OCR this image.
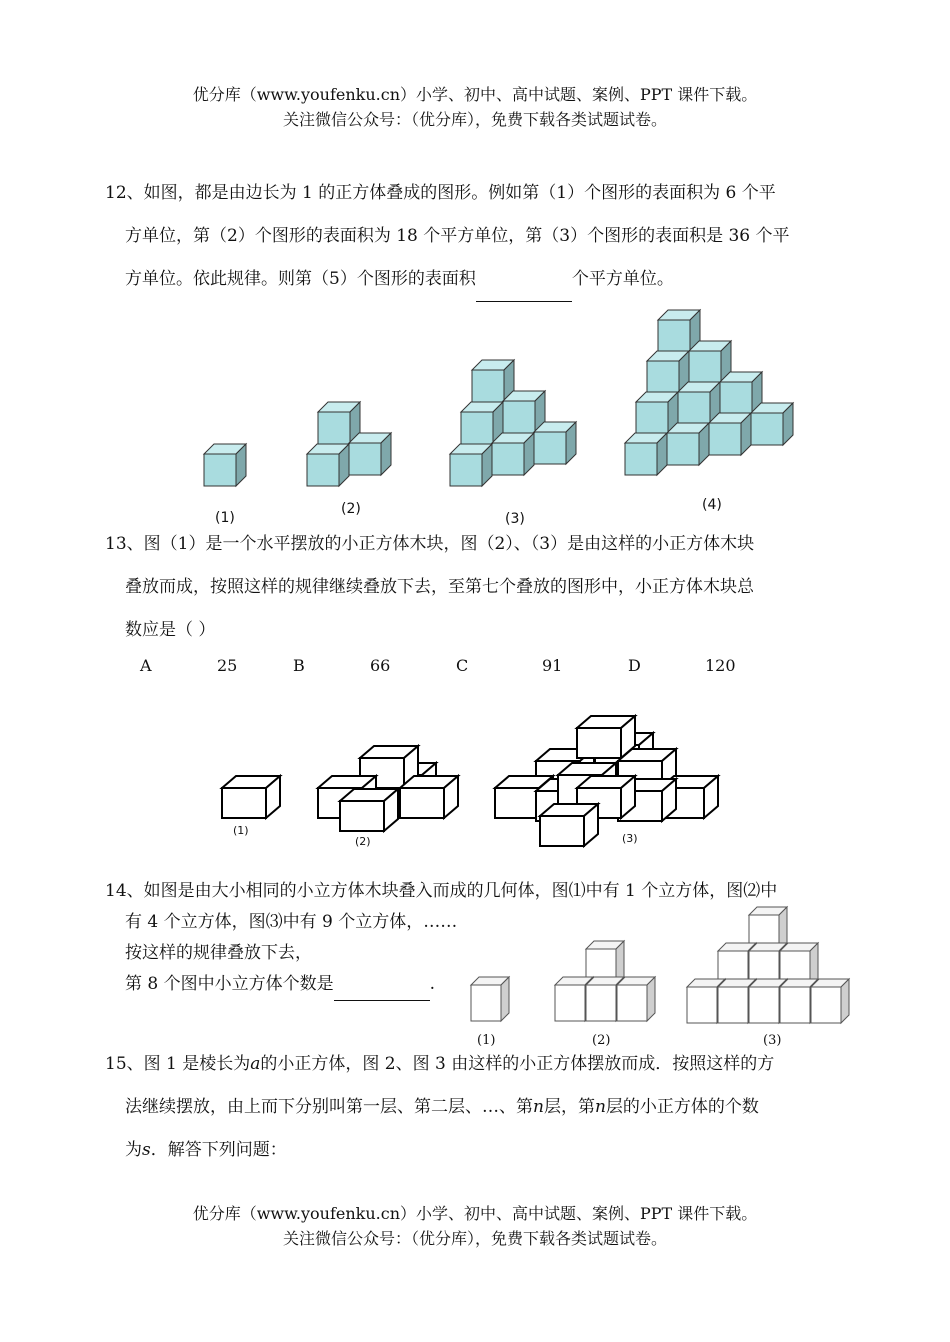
优分库（www.youfenku.cn）小学、初中、高中试题、案例、PPT 课件下载。
关注微信公众号：（优分库），免费下载各类试题试卷。
12、如图，都是由边长为 1 的正方体叠成的图形。例如第（1）个图形的表面积为 6 个平
方单位，第（2）个图形的表面积为 18 个平方单位，第（3）个图形的表面积是 36 个平
方单位。依此规律。则第（5）个图形的表面积	个平方单位。
(1)
(2)
(3)
(4)
13、图（1）是一个水平摆放的小正方体木块，图（2）、（3）是由这样的小正方体木块
叠放而成，按照这样的规律继续叠放下去，至第七个叠放的图形中，小正方体木块总
数应是（ ）
A	25	B	66	C	91	D	120
(1)
(2)	(3)
14、如图是由大小相同的小立方体木块叠入而成的几何体，图⑴中有 1 个立方体，图⑵中
有 4 个立方体，图⑶中有 9 个立方体，……
按这样的规律叠放下去，
第 8 个图中小立方体个数是	.
(1)	(2)	(3)
15、图 1 是棱长为a的小正方体，图 2、图 3 由这样的小正方体摆放而成．按照这样的方
法继续摆放，由上而下分别叫第一层、第二层、…、第n层，第n层的小正方体的个数
为s．解答下列问题：
优分库（www.youfenku.cn）小学、初中、高中试题、案例、PPT 课件下载。
关注微信公众号：（优分库），免费下载各类试题试卷。
